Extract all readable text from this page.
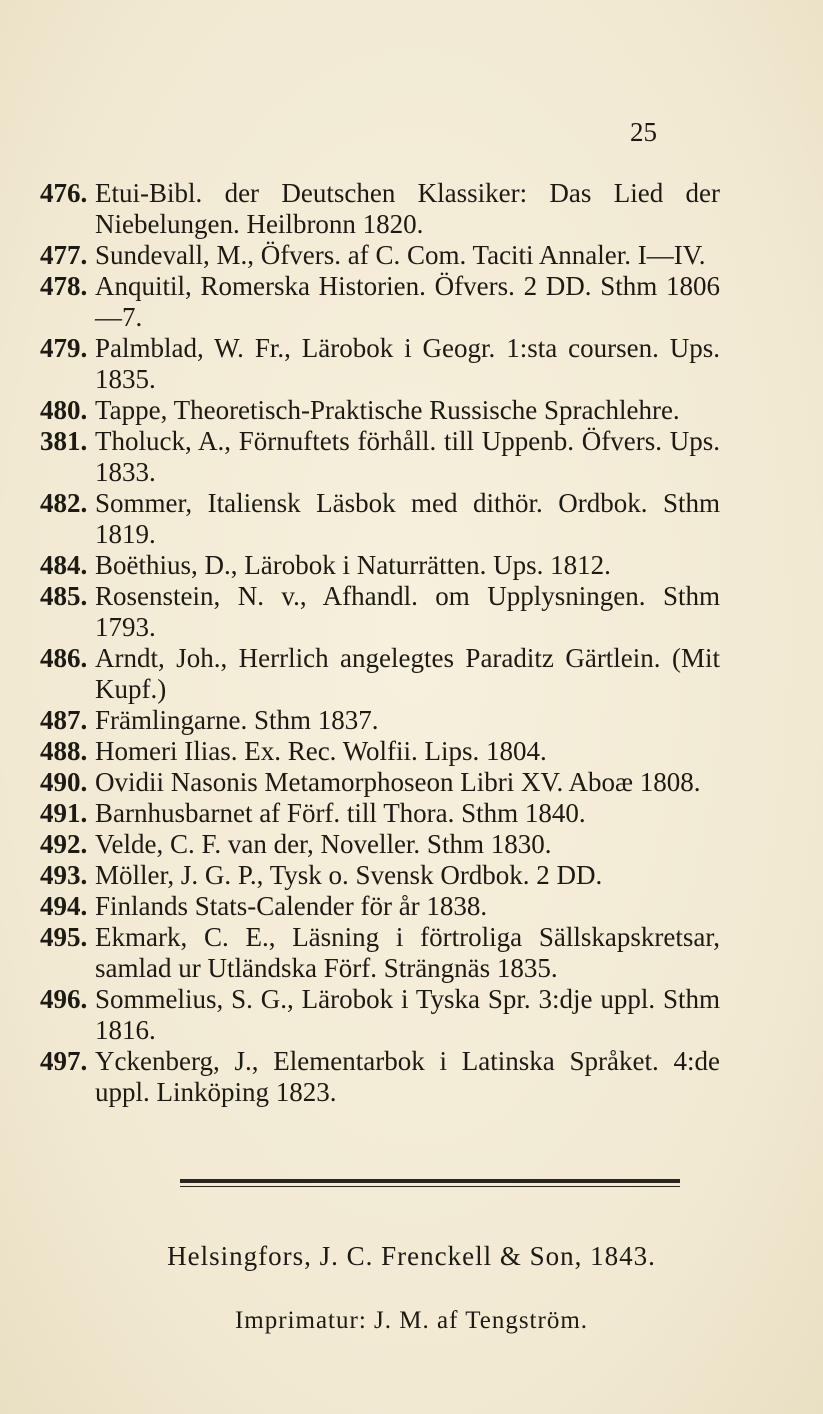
25
476. Etui-Bibl. der Deutschen Klassiker: Das Lied der Niebelungen. Heilbronn 1820.
477. Sundevall, M., Öfvers. af C. Com. Taciti Annaler. I—IV.
478. Anquitil, Romerska Historien. Öfvers. 2 DD. Sthm 1806—7.
479. Palmblad, W. Fr., Lärobok i Geogr. 1:sta coursen. Ups. 1835.
480. Tappe, Theoretisch-Praktische Russische Sprachlehre.
381. Tholuck, A., Förnuftets förhåll. till Uppenb. Öfvers. Ups. 1833.
482. Sommer, Italiensk Läsbok med dithör. Ordbok. Sthm 1819.
484. Boëthius, D., Lärobok i Naturrätten. Ups. 1812.
485. Rosenstein, N. v., Afhandl. om Upplysningen. Sthm 1793.
486. Arndt, Joh., Herrlich angelegtes Paraditz Gärtlein. (Mit Kupf.)
487. Främlingarne. Sthm 1837.
488. Homeri Ilias. Ex. Rec. Wolfii. Lips. 1804.
490. Ovidii Nasonis Metamorphoseon Libri XV. Aboæ 1808.
491. Barnhusbarnet af Förf. till Thora. Sthm 1840.
492. Velde, C. F. van der, Noveller. Sthm 1830.
493. Möller, J. G. P., Tysk o. Svensk Ordbok. 2 DD.
494. Finlands Stats-Calender för år 1838.
495. Ekmark, C. E., Läsning i förtroliga Sällskapskretsar, samlad ur Utländska Förf. Strängnäs 1835.
496. Sommelius, S. G., Lärobok i Tyska Spr. 3:dje uppl. Sthm 1816.
497. Yckenberg, J., Elementarbok i Latinska Språket. 4:de uppl. Linköping 1823.
Helsingfors, J. C. Frenckell & Son, 1843.
Imprimatur: J. M. af Tengström.
